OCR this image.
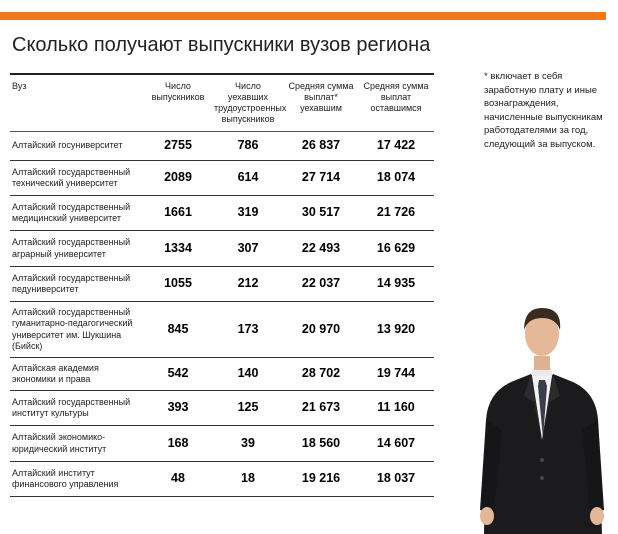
Сколько получают выпускники вузов региона
Вуз	Число выпускников	Число уехавших трудоустроенных выпускников	Средняя сумма выплат* уехавшим	Средняя сумма выплат оставшимся
Алтайский госуниверситет	2755	786	26 837	17 422
Алтайский государственный технический университет	2089	614	27 714	18 074
Алтайский государственный медицинский университет	1661	319	30 517	21 726
Алтайский государственный аграрный университет	1334	307	22 493	16 629
Алтайский государственный педуниверситет	1055	212	22 037	14 935
Алтайский государственный гуманитарно-педагогический университет им. Шукшина (Бийск)	845	173	20 970	13 920
Алтайская академия экономики и права	542	140	28 702	19 744
Алтайский государственный институт культуры	393	125	21 673	11 160
Алтайский экономико-юридический институт	168	39	18 560	14 607
Алтайский институт финансового управления	48	18	19 216	18 037
* включает в себя заработную плату и иные вознаграждения, начисленные выпускникам работодателями за год, следующий за выпуском.
